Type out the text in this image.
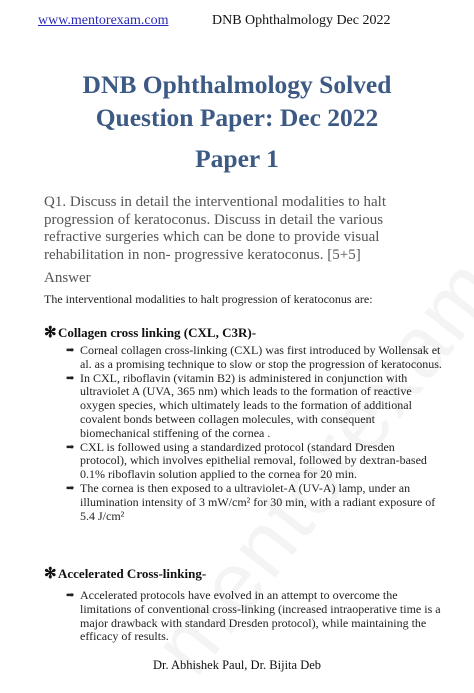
www.mentorexam.com	DNB Ophthalmology Dec 2022
DNB Ophthalmology Solved
Question Paper: Dec 2022
Paper 1
Q1. Discuss in detail the interventional modalities to halt progression of keratoconus. Discuss in detail the various refractive surgeries which can be done to provide visual rehabilitation in non- progressive keratoconus. [5+5]
Answer
The interventional modalities to halt progression of keratoconus are:
✻Collagen cross linking (CXL, C3R)-
➡ Corneal collagen cross-linking (CXL) was first introduced by Wollensak et al. as a promising technique to slow or stop the progression of keratoconus.
➡ In CXL, riboflavin (vitamin B2) is administered in conjunction with ultraviolet A (UVA, 365 nm) which leads to the formation of reactive oxygen species, which ultimately leads to the formation of additional covalent bonds between collagen molecules, with consequent biomechanical stiffening of the cornea .
➡ CXL is followed using a standardized protocol (standard Dresden protocol), which involves epithelial removal, followed by dextran-based 0.1% riboflavin solution applied to the cornea for 20 min.
➡ The cornea is then exposed to a ultraviolet-A (UV-A) lamp, under an illumination intensity of 3 mW/cm² for 30 min, with a radiant exposure of 5.4 J/cm²
✻Accelerated Cross-linking-
➡ Accelerated protocols have evolved in an attempt to overcome the limitations of conventional cross-linking (increased intraoperative time is a major drawback with standard Dresden protocol), while maintaining the efficacy of results.
Dr. Abhishek Paul, Dr. Bijita Deb
